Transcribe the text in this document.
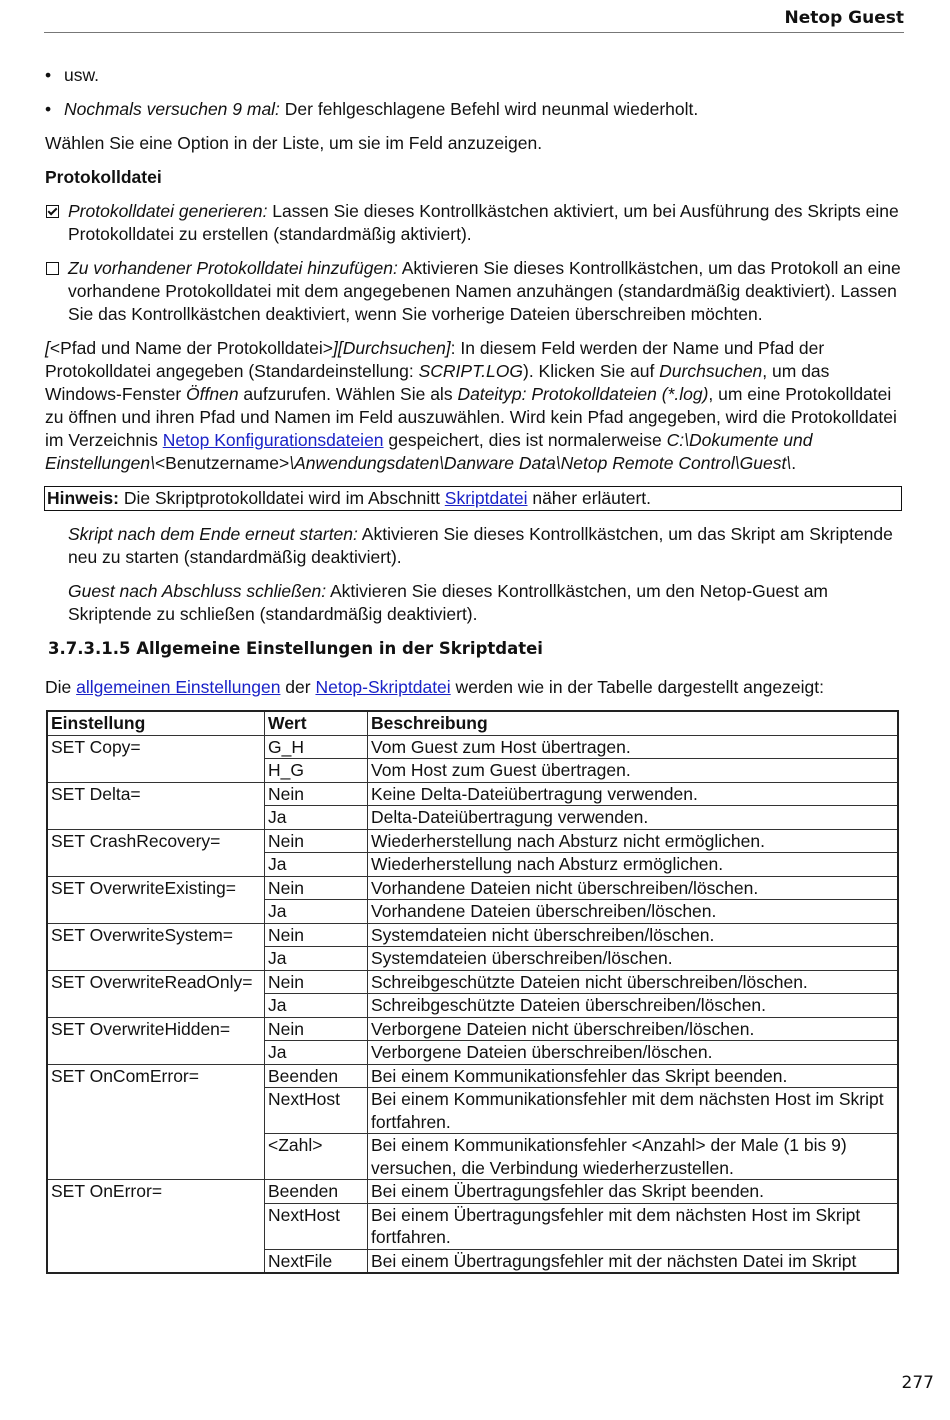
Netop Guest
• usw.
• Nochmals versuchen 9 mal: Der fehlgeschlagene Befehl wird neunmal wiederholt.

Wählen Sie eine Option in der Liste, um sie im Feld anzuzeigen.

Protokolldatei
Protokolldatei generieren: Lassen Sie dieses Kontrollkästchen aktiviert, um bei Ausführung des Skripts eine Protokolldatei zu erstellen (standardmäßig aktiviert).
Zu vorhandener Protokolldatei hinzufügen: Aktivieren Sie dieses Kontrollkästchen, um das Protokoll an eine vorhandene Protokolldatei mit dem angegebenen Namen anzuhängen (standardmäßig deaktiviert). Lassen Sie das Kontrollkästchen deaktiviert, wenn Sie vorherige Dateien überschreiben möchten.

[<Pfad und Name der Protokolldatei>][Durchsuchen]: In diesem Feld werden der Name und Pfad der Protokolldatei angegeben (Standardeinstellung: SCRIPT.LOG). Klicken Sie auf Durchsuchen, um das Windows-Fenster Öffnen aufzurufen. Wählen Sie als Dateityp: Protokolldateien (*.log), um eine Protokolldatei zu öffnen und ihren Pfad und Namen im Feld auszuwählen. Wird kein Pfad angegeben, wird die Protokolldatei im Verzeichnis Netop Konfigurationsdateien gespeichert, dies ist normalerweise C:\Dokumente und Einstellungen\<Benutzername>\Anwendungsdaten\Danware Data\Netop Remote Control\Guest\.

Hinweis: Die Skriptprotokolldatei wird im Abschnitt Skriptdatei näher erläutert.
Skript nach dem Ende erneut starten: Aktivieren Sie dieses Kontrollkästchen, um das Skript am Skriptende neu zu starten (standardmäßig deaktiviert).
Guest nach Abschluss schließen: Aktivieren Sie dieses Kontrollkästchen, um den Netop-Guest am Skriptende zu schließen (standardmäßig deaktiviert).
3.7.3.1.5 Allgemeine Einstellungen in der Skriptdatei

Die allgemeinen Einstellungen der Netop-Skriptdatei werden wie in der Tabelle dargestellt angezeigt:

Einstellung	Wert	Beschreibung
SET Copy=	G_H	Vom Guest zum Host übertragen.
	H_G	Vom Host zum Guest übertragen.
SET Delta=	Nein	Keine Delta-Dateiübertragung verwenden.
	Ja	Delta-Dateiübertragung verwenden.
SET CrashRecovery=	Nein	Wiederherstellung nach Absturz nicht ermöglichen.
	Ja	Wiederherstellung nach Absturz ermöglichen.
SET OverwriteExisting=	Nein	Vorhandene Dateien nicht überschreiben/löschen.
	Ja	Vorhandene Dateien überschreiben/löschen.
SET OverwriteSystem=	Nein	Systemdateien nicht überschreiben/löschen.
	Ja	Systemdateien überschreiben/löschen.
SET OverwriteReadOnly=	Nein	Schreibgeschützte Dateien nicht überschreiben/löschen.
	Ja	Schreibgeschützte Dateien überschreiben/löschen.
SET OverwriteHidden=	Nein	Verborgene Dateien nicht überschreiben/löschen.
	Ja	Verborgene Dateien überschreiben/löschen.
SET OnComError=	Beenden	Bei einem Kommunikationsfehler das Skript beenden.
	NextHost	Bei einem Kommunikationsfehler mit dem nächsten Host im Skript fortfahren.
	<Zahl>	Bei einem Kommunikationsfehler <Anzahl> der Male (1 bis 9) versuchen, die Verbindung wiederherzustellen.
SET OnError=	Beenden	Bei einem Übertragungsfehler das Skript beenden.
	NextHost	Bei einem Übertragungsfehler mit dem nächsten Host im Skript fortfahren.
	NextFile	Bei einem Übertragungsfehler mit der nächsten Datei im Skript
277
